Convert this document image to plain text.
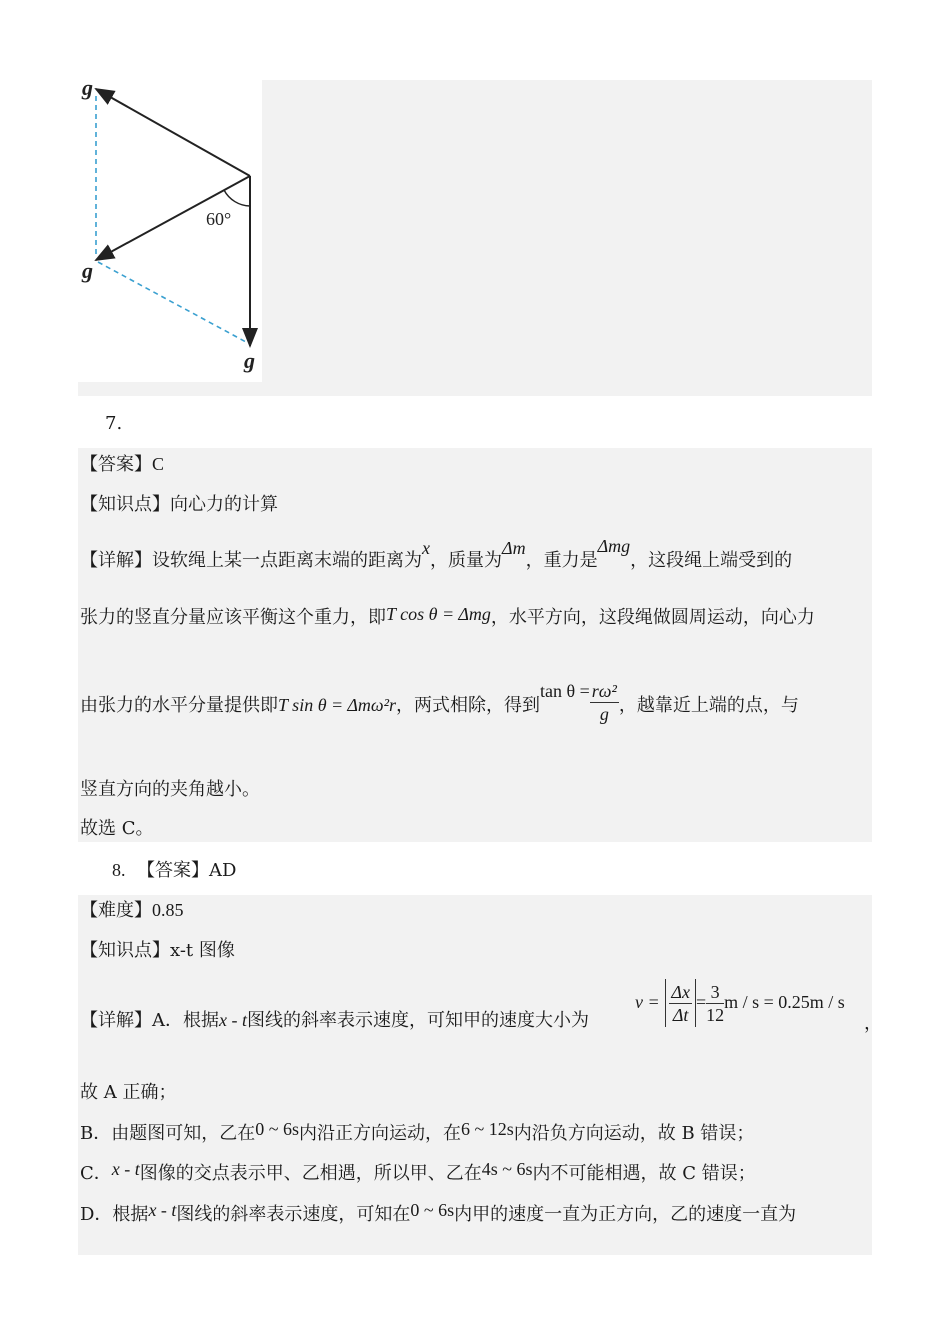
g
g
g
60°
7.
【答案】C
【知识点】向心力的计算
【详解】设软绳上某一点距离末端的距离为x，质量为Δm，重力是Δmg，这段绳上端受到的
张力的竖直分量应该平衡这个重力，即T cos θ = Δmg，水平方向，这段绳做圆周运动，向心力
由张力的水平分量提供即T sin θ = Δmω²r，两式相除，得到$\tan \theta = \frac{\text{rω²}}{g}$ ，越靠近上端的点，与
竖直方向的夹角越小。
故选 C。
8. 【答案】AD
【难度】0.85
【知识点】x-t 图像
【详解】A．根据x - t图线的斜率表示速度，可知甲的速度大小为
$v = \frac{\Delta x}{\Delta t} = \frac{3}{12}$ m / s = 0.25m / s
，
故 A 正确；
B．由题图可知，乙在0 ~ 6s内沿正方向运动，在6 ~ 12s内沿负方向运动，故 B 错误；
C．x - t图像的交点表示甲、乙相遇，所以甲、乙在4s ~ 6s内不可能相遇，故 C 错误；
D．根据x - t图线的斜率表示速度，可知在0 ~ 6s内甲的速度一直为正方向，乙的速度一直为
